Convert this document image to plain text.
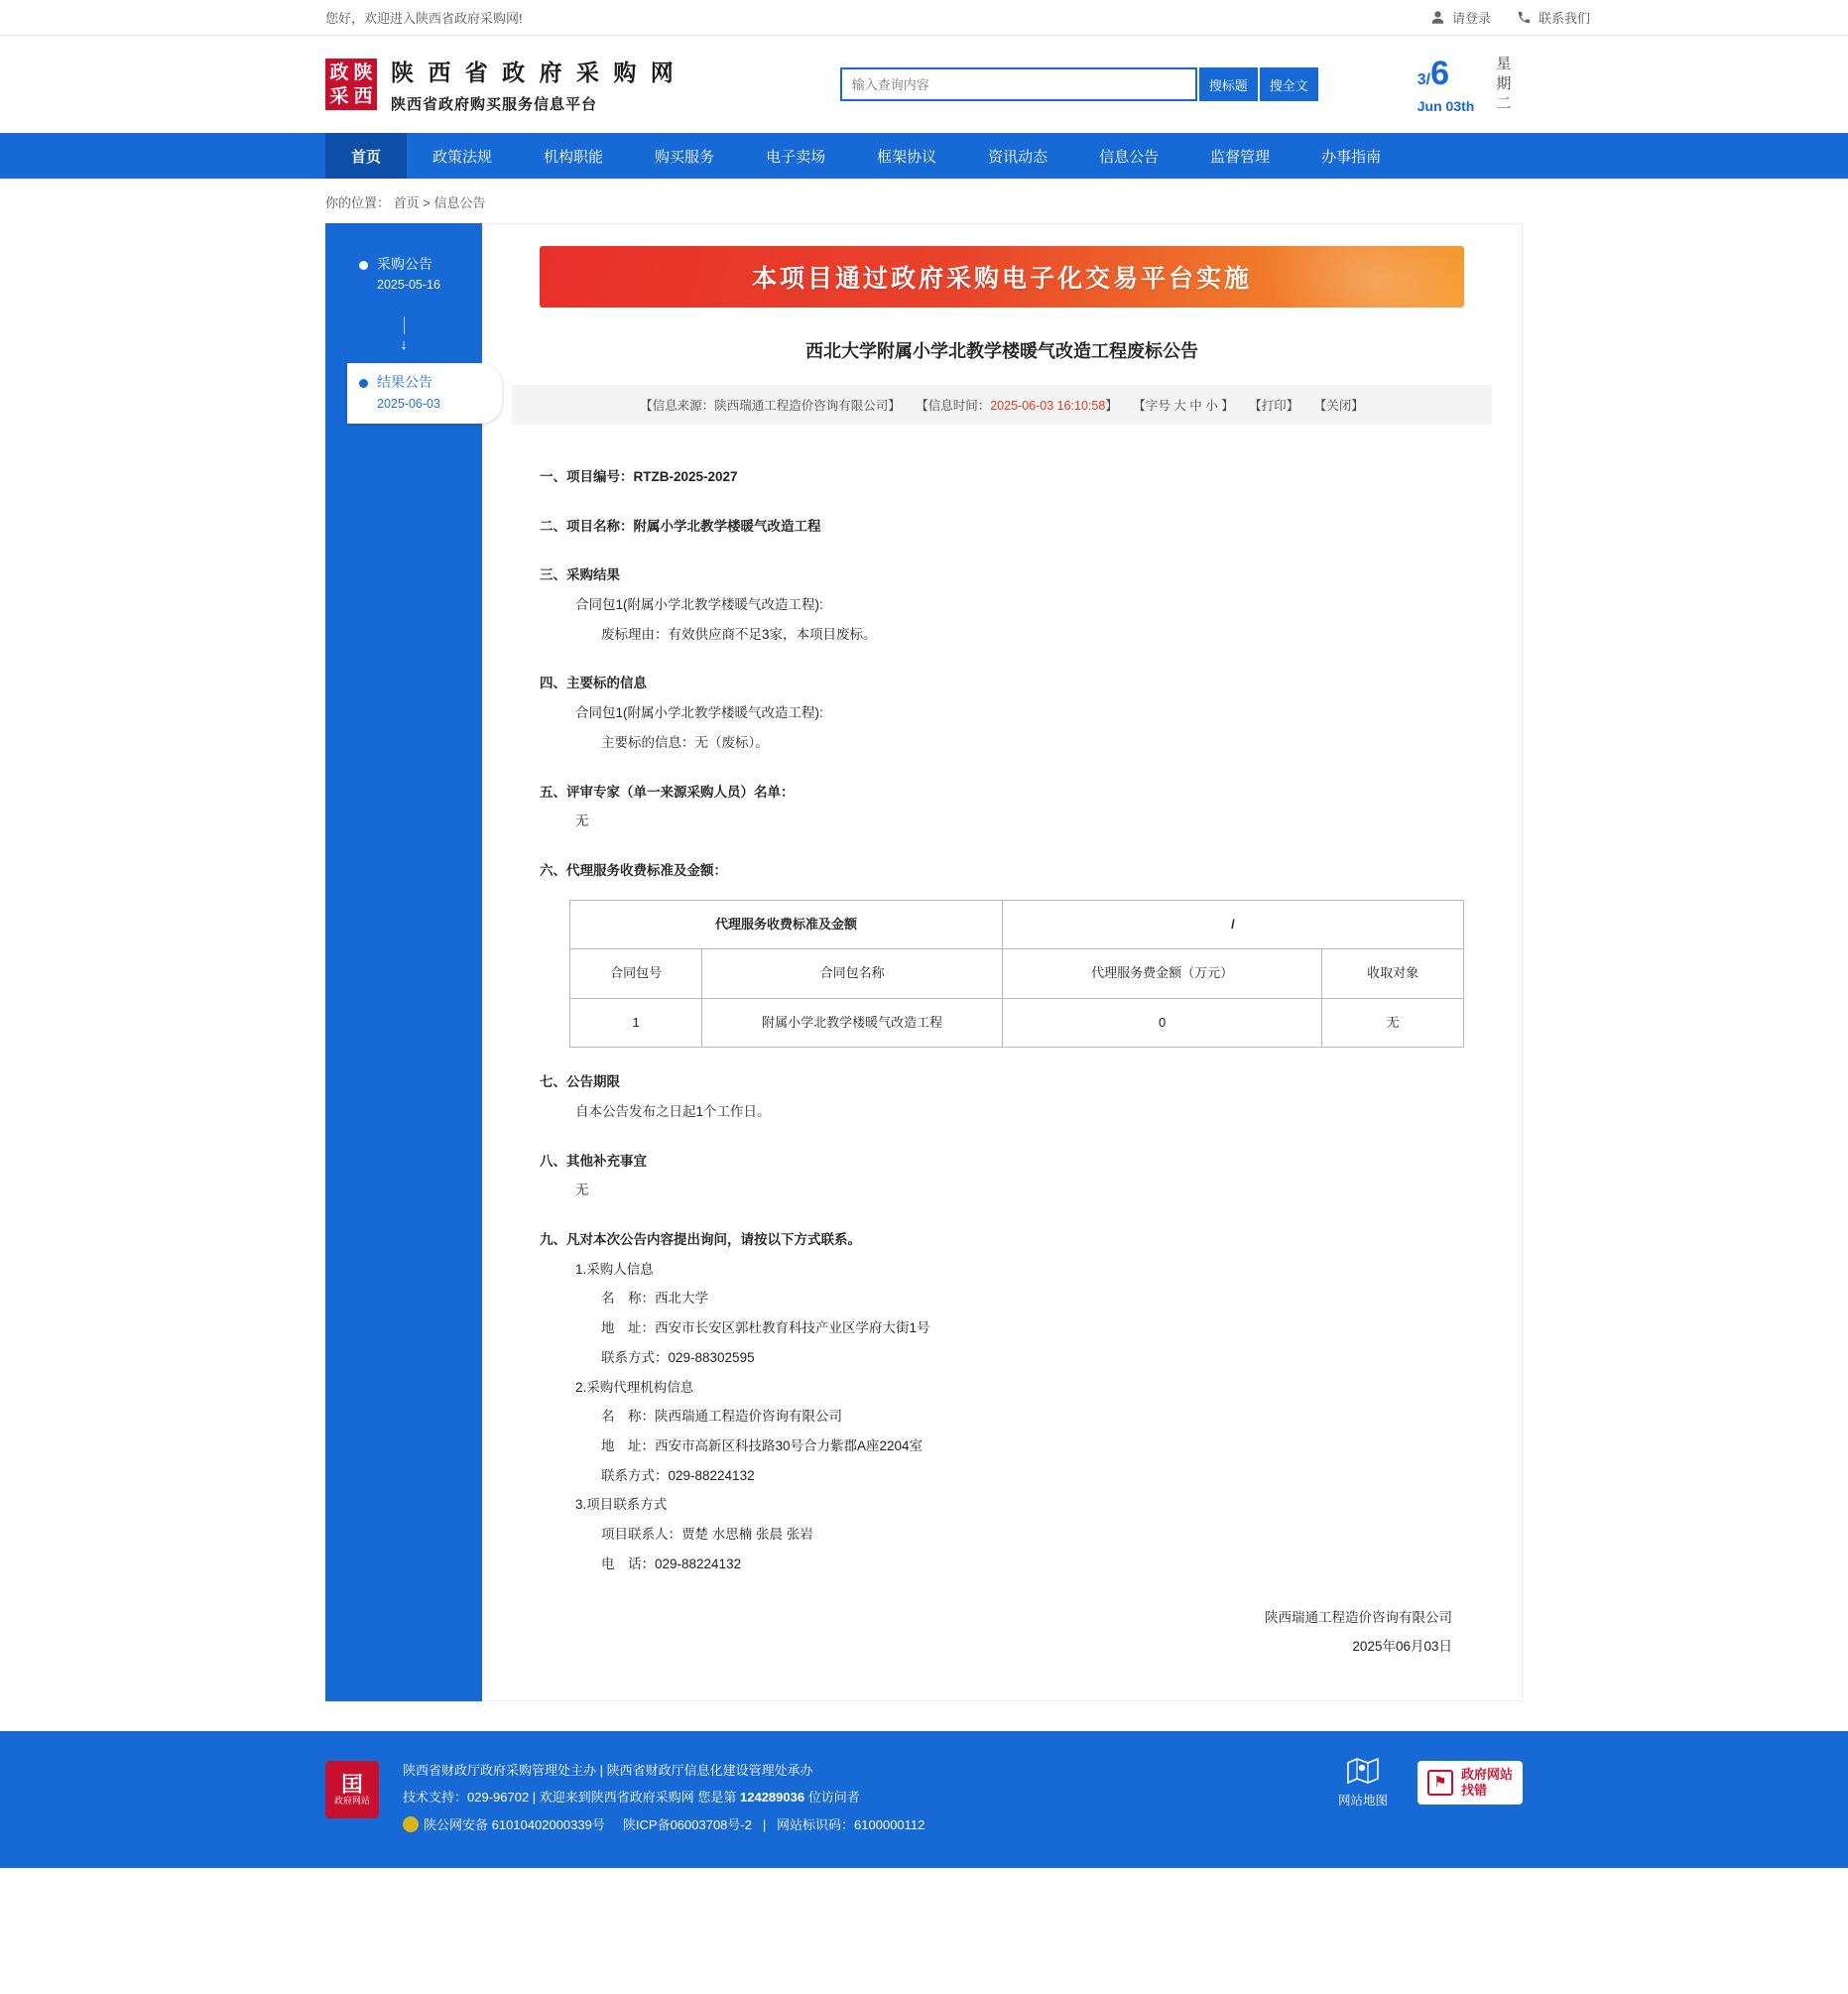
您好，欢迎进入陕西省政府采购网!	请登录	联系我们
政 陕
采 西
陕 西 省 政 府 采 购 网
陕西省政府购买服务信息平台
输入查询内容
搜标题	搜全文	3/6
Jun 03th
星
期
二
首页	政策法规	机构职能	购买服务	电子卖场	框架协议	资讯动态	信息公告	监督管理	办事指南
你的位置： 首页 > 信息公告
采购公告
2025-05-16
↓
结果公告
2025-06-03
本项目通过政府采购电子化交易平台实施
西北大学附属小学北教学楼暖气改造工程废标公告
【信息来源：陕西瑞通工程造价咨询有限公司】 【信息时间：2025-06-03 16:10:58】 【字号 大 中 小 】 【打印】 【关闭】
一、项目编号：RTZB-2025-2027
二、项目名称：附属小学北教学楼暖气改造工程
三、采购结果
合同包1(附属小学北教学楼暖气改造工程):
废标理由：有效供应商不足3家，本项目废标。
四、主要标的信息
合同包1(附属小学北教学楼暖气改造工程):
主要标的信息：无（废标）。
五、评审专家（单一来源采购人员）名单：
无
六、代理服务收费标准及金额：
代理服务收费标准及金额		/	
合同包号	合同包名称	代理服务费金额（万元）	收取对象
1	附属小学北教学楼暖气改造工程	0	无
七、公告期限
自本公告发布之日起1个工作日。
八、其他补充事宜
无
九、凡对本次公告内容提出询问，请按以下方式联系。
1.采购人信息
名　称：西北大学
地　址：西安市长安区郭杜教育科技产业区学府大街1号
联系方式：029-88302595
2.采购代理机构信息
名　称：陕西瑞通工程造价咨询有限公司
地　址：西安市高新区科技路30号合力紫郡A座2204室
联系方式：029-88224132
3.项目联系方式
项目联系人：贾楚 水思楠 张晨 张岩
电　话：029-88224132
陕西瑞通工程造价咨询有限公司
2025年06月03日
囯
政府网站
陕西省财政厅政府采购管理处主办 | 陕西省财政厅信息化建设管理处承办
技术支持：029-96702 | 欢迎来到陕西省政府采购网 您是第 124289036 位访问者
陕公网安备 61010402000339号 陕ICP备06003708号-2   |   网站标识码：6100000112
网站地图
⚑	政府网站
找错
